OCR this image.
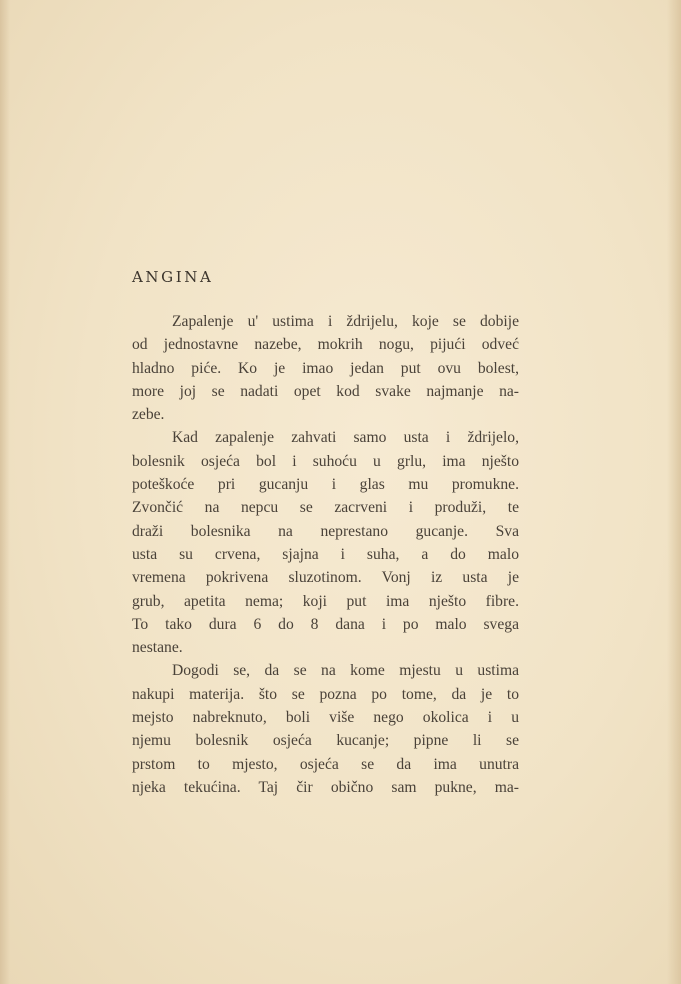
ANGINA
Zapalenje u' ustima i ždrijelu, koje se dobije
od jednostavne nazebe, mokrih nogu, pijući odveć
hladno piće. Ko je imao jedan put ovu bolest,
more joj se nadati opet kod svake najmanje na-
zebe.
Kad zapalenje zahvati samo usta i ždrijelo,
bolesnik osjeća bol i suhoću u grlu, ima nješto
poteškoće pri gucanju i glas mu promukne.
Zvončić na nepcu se zacrveni i produži, te
draži bolesnika na neprestano gucanje. Sva
usta su crvena, sjajna i suha, a do malo
vremena pokrivena sluzotinom. Vonj iz usta je
grub, apetita nema; koji put ima nješto fibre.
To tako dura 6 do 8 dana i po malo svega
nestane.
Dogodi se, da se na kome mjestu u ustima
nakupi materija. što se pozna po tome, da je to
mejsto nabreknuto, boli više nego okolica i u
njemu bolesnik osjeća kucanje; pipne li se
prstom to mjesto, osjeća se da ima unutra
njeka tekućina. Taj čir obično sam pukne, ma-
